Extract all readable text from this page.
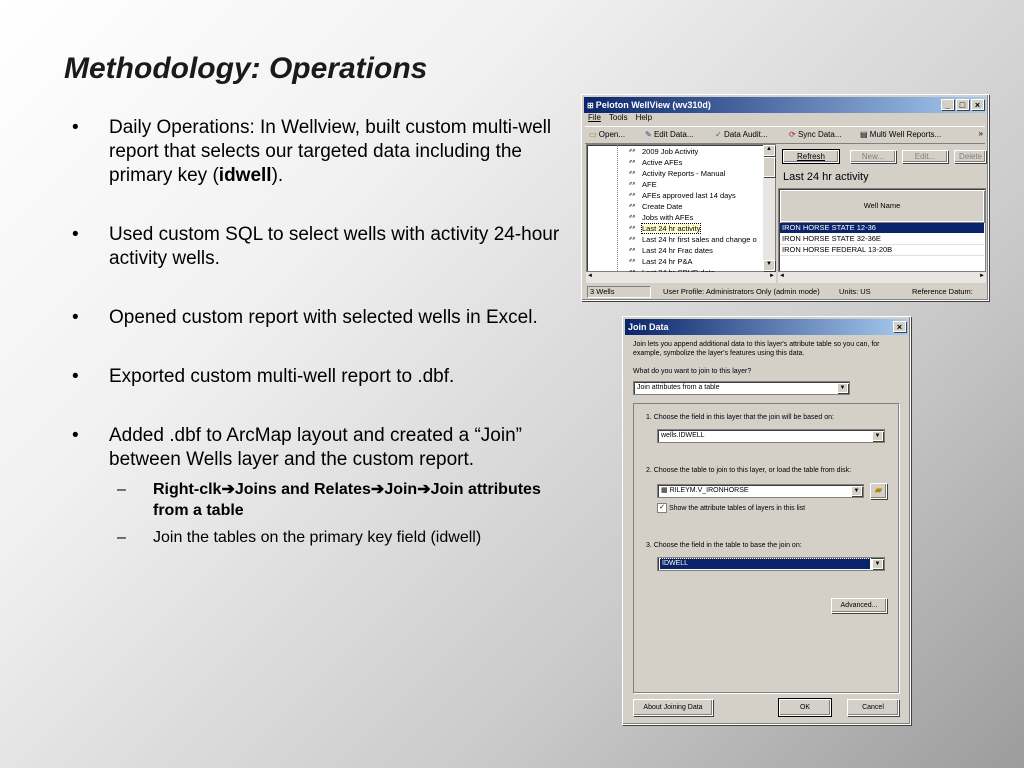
Methodology: Operations
• Daily Operations: In Wellview, built custom multi-well report that selects our targeted data including the primary key (idwell).
• Used custom SQL to select wells with activity 24-hour activity wells.
• Opened custom report with selected wells in Excel.
• Exported custom multi-well report to .dbf.
• Added .dbf to ArcMap layout and created a “Join” between Wells layer and the custom report.
– Right-clk➔Joins and Relates➔Join➔Join attributes from a table
– Join the tables on the primary key field (idwell)
⊞ Peloton WellView (wv310d)	_	□	×
File Tools Help
▭ Open... ✎ Edit Data...	✓ Data Audit...	⟳ Sync Data... ▤ Multi Well Reports...	»
ᐥᐥ 2009 Job Activity
ᐥᐥ Active AFEs
ᐥᐥ Activity Reports - Manual
ᐥᐥ AFE
ᐥᐥ AFEs approved last 14 days
ᐥᐥ Create Date
ᐥᐥ Jobs with AFEs
ᐥᐥ Last 24 hr activity
ᐥᐥ Last 24 hr first sales and change o
ᐥᐥ Last 24 hr Frac dates
ᐥᐥ Last 24 hr P&A
▲
▼
◄	►
Refresh	New...	Edit...	Delete
Last 24 hr activity
Well Name
IRON HORSE STATE 12-36
IRON HORSE STATE 32-36E
IRON HORSE FEDERAL 13-20B
◄	►
3 Wells	User Profile: Administrators Only (admin mode)	Units: US	Reference Datum:
Join Data	×
Join lets you append additional data to this layer's attribute table so you can, for example, symbolize the layer's features using this data.
What do you want to join to this layer?
Join attributes from a table	▼
1. Choose the field in this layer that the join will be based on:
wells.IDWELL	▼
2. Choose the table to join to this layer, or load the table from disk:
▦ RILEYM.V_IRONHORSE	▼	▰
✓ Show the attribute tables of layers in this list
3. Choose the field in the table to base the join on:
IDWELL	▼
Advanced...
About Joining Data	OK	Cancel
